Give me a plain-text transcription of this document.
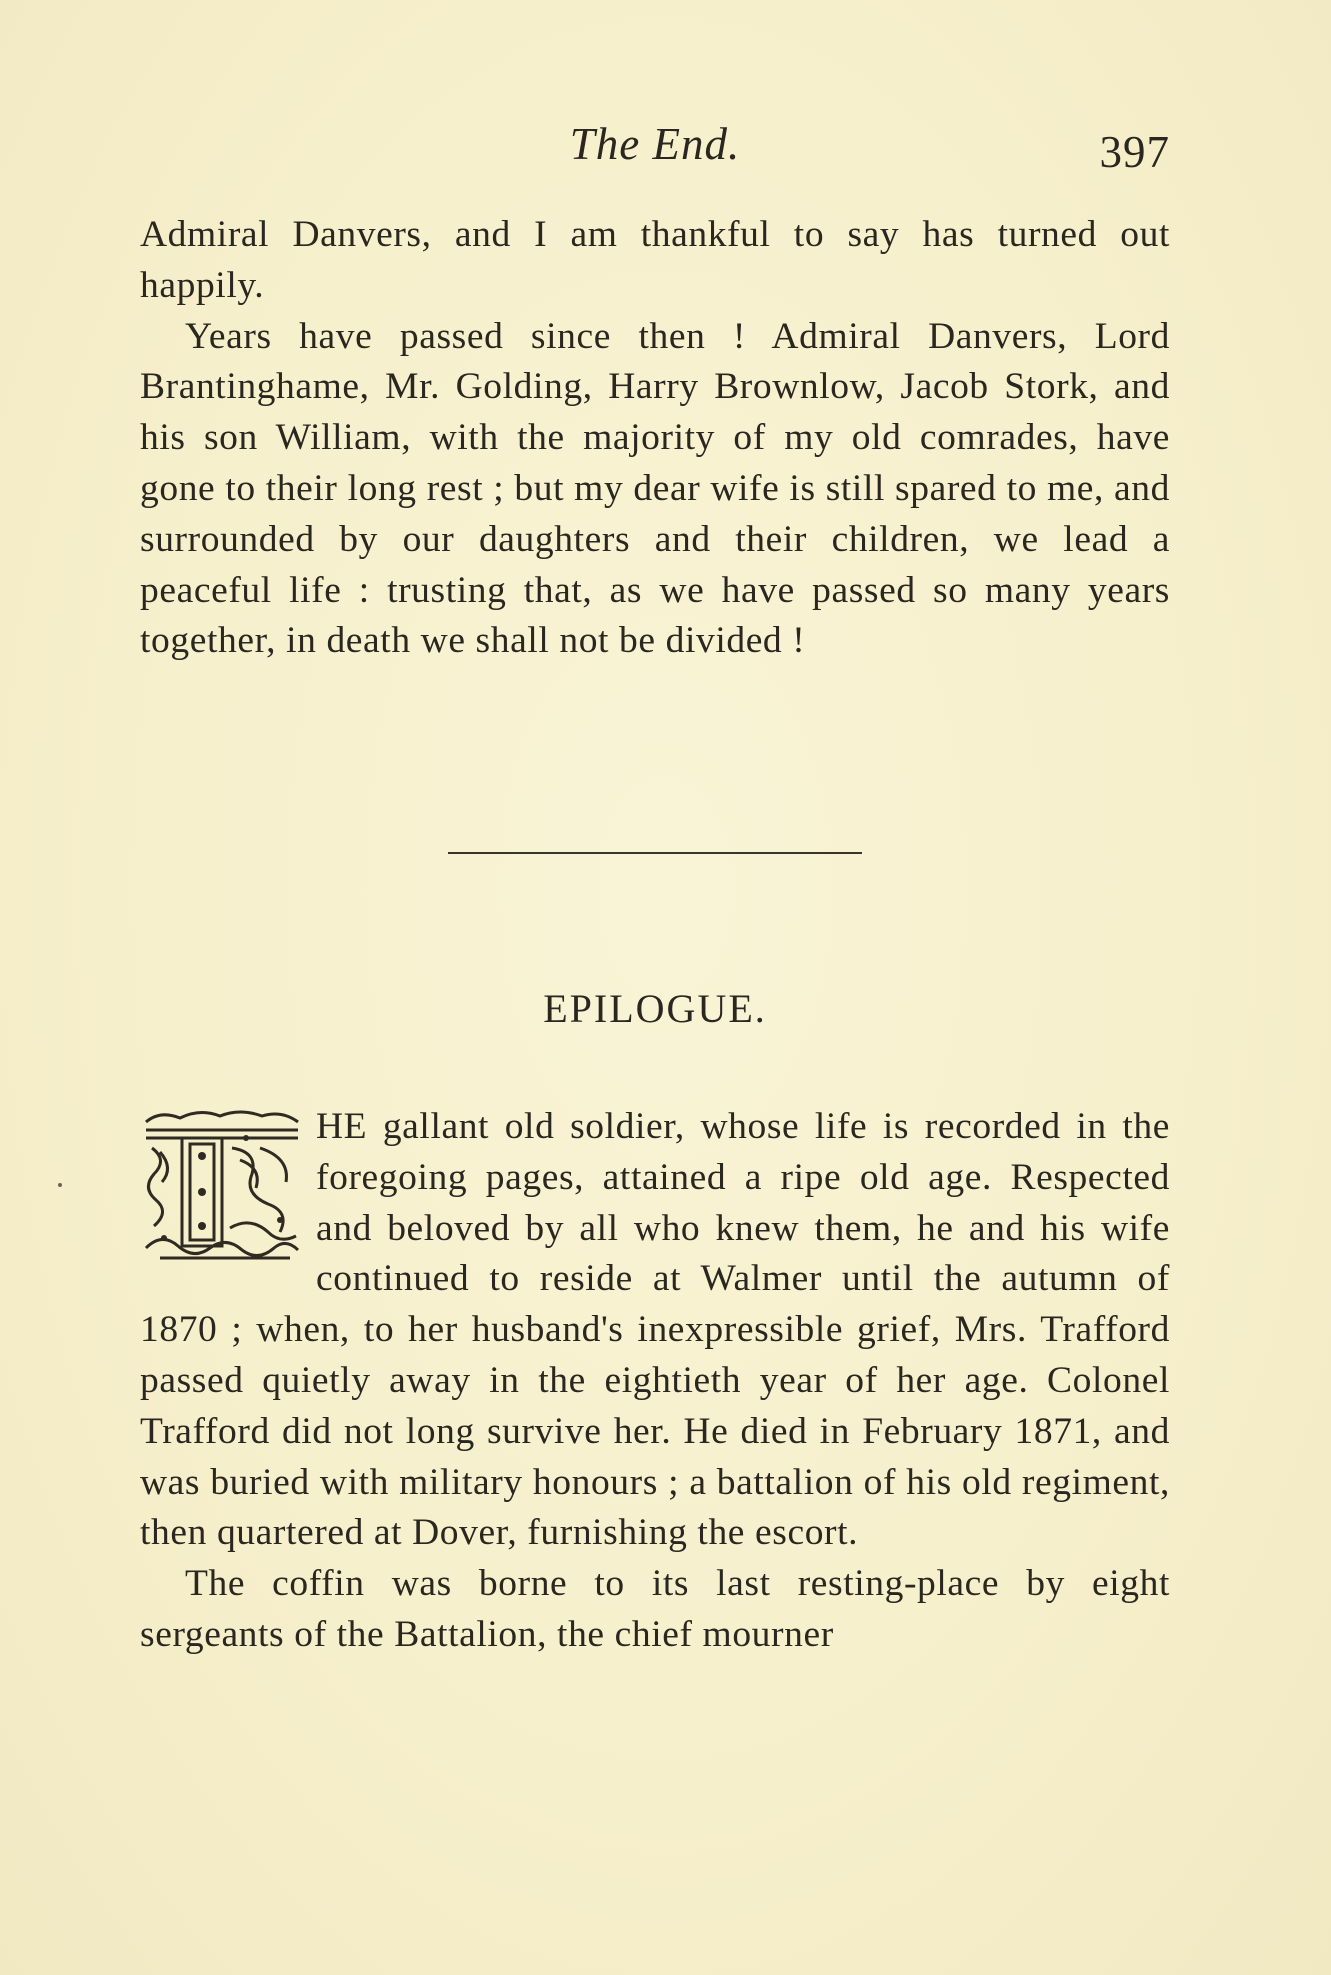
The End.	397

Admiral Danvers, and I am thankful to say has turned out happily.

Years have passed since then ! Admiral Danvers, Lord Brantinghame, Mr. Golding, Harry Brownlow, Jacob Stork, and his son William, with the majority of my old comrades, have gone to their long rest ; but my dear wife is still spared to me, and surrounded by our daughters and their children, we lead a peaceful life : trusting that, as we have passed so many years together, in death we shall not be divided !

EPILOGUE.

HE gallant old soldier, whose life is recorded in the foregoing pages, attained a ripe old age. Respected and beloved by all who knew them, he and his wife continued to reside at Walmer until the autumn of 1870 ; when, to her husband's inexpressible grief, Mrs. Trafford passed quietly away in the eightieth year of her age. Colonel Trafford did not long survive her. He died in February 1871, and was buried with military honours ; a battalion of his old regiment, then quartered at Dover, furnishing the escort.

The coffin was borne to its last resting-place by eight sergeants of the Battalion, the chief mourner
